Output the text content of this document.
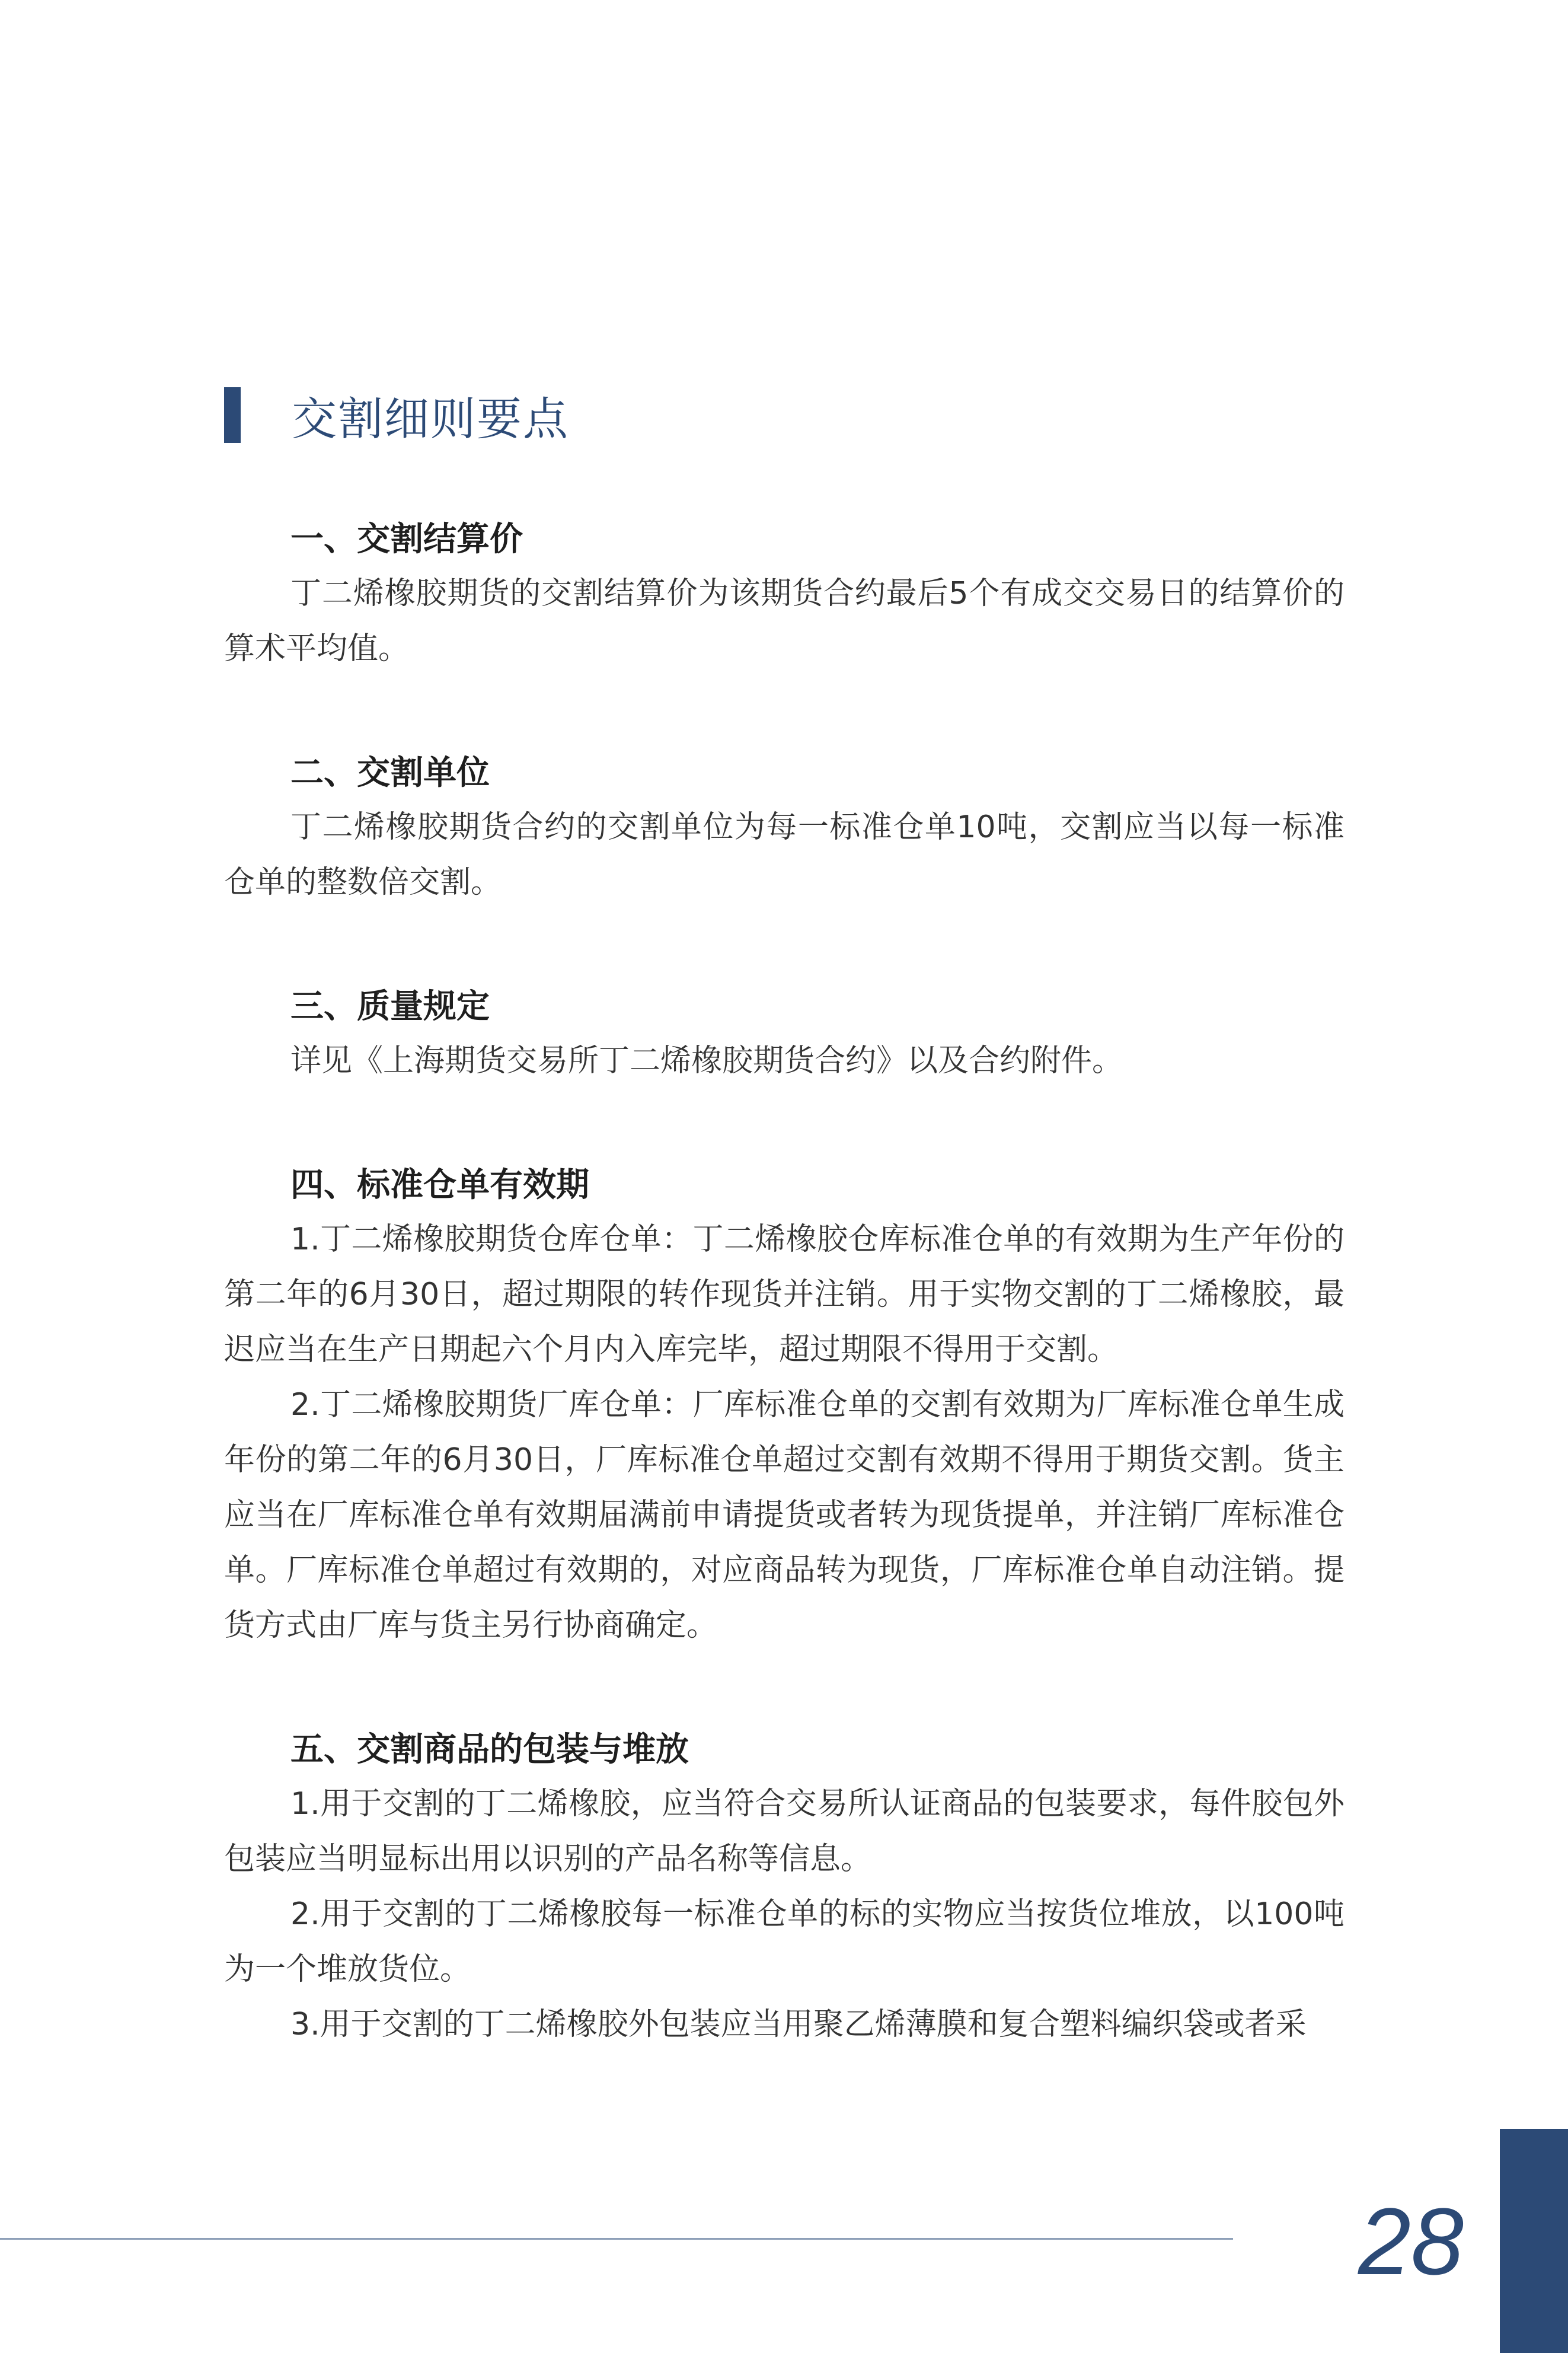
交割细则要点

一、交割结算价

丁二烯橡胶期货的交割结算价为该期货合约最后5个有成交交易日的结算价的算术平均值。

二、交割单位

丁二烯橡胶期货合约的交割单位为每一标准仓单10吨，交割应当以每一标准仓单的整数倍交割。

三、质量规定

详见《上海期货交易所丁二烯橡胶期货合约》以及合约附件。

四、标准仓单有效期

1.丁二烯橡胶期货仓库仓单：丁二烯橡胶仓库标准仓单的有效期为生产年份的第二年的6月30日，超过期限的转作现货并注销。用于实物交割的丁二烯橡胶，最迟应当在生产日期起六个月内入库完毕，超过期限不得用于交割。

2.丁二烯橡胶期货厂库仓单：厂库标准仓单的交割有效期为厂库标准仓单生成年份的第二年的6月30日，厂库标准仓单超过交割有效期不得用于期货交割。货主应当在厂库标准仓单有效期届满前申请提货或者转为现货提单，并注销厂库标准仓单。厂库标准仓单超过有效期的，对应商品转为现货，厂库标准仓单自动注销。提货方式由厂库与货主另行协商确定。

五、交割商品的包装与堆放

1.用于交割的丁二烯橡胶，应当符合交易所认证商品的包装要求，每件胶包外包装应当明显标出用以识别的产品名称等信息。

2.用于交割的丁二烯橡胶每一标准仓单的标的实物应当按货位堆放，以100吨为一个堆放货位。

3.用于交割的丁二烯橡胶外包装应当用聚乙烯薄膜和复合塑料编织袋或者采

28
